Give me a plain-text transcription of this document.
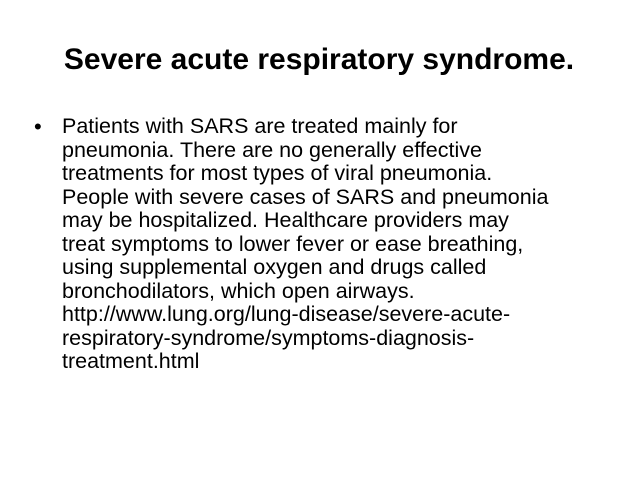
Severe acute respiratory syndrome.
• Patients with SARS are treated mainly for
pneumonia. There are no generally effective
treatments for most types of viral pneumonia.
People with severe cases of SARS and pneumonia
may be hospitalized. Healthcare providers may
treat symptoms to lower fever or ease breathing,
using supplemental oxygen and drugs called
bronchodilators, which open airways.
http://www.lung.org/lung-disease/severe-acute-
respiratory-syndrome/symptoms-diagnosis-
treatment.html
